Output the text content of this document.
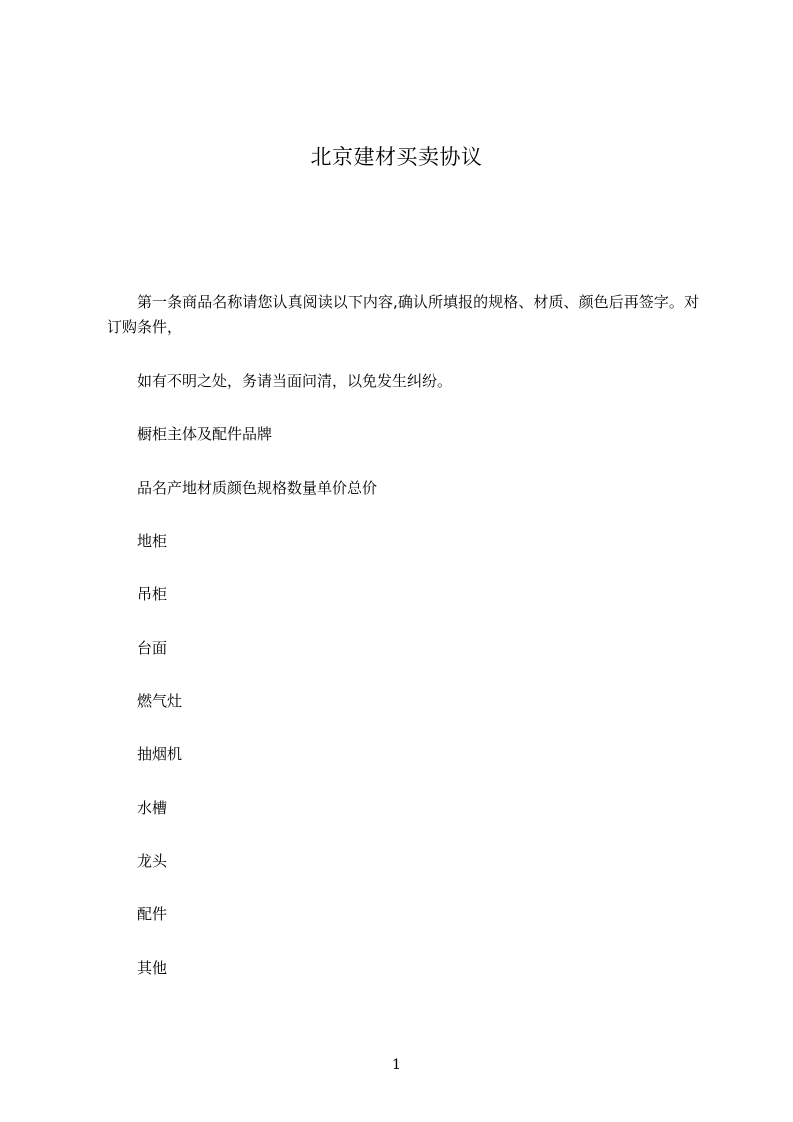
北京建材买卖协议
第一条商品名称请您认真阅读以下内容,确认所填报的规格、材质、颜色后再签字。对订购条件，
如有不明之处，务请当面问清，以免发生纠纷。
橱柜主体及配件品牌
品名产地材质颜色规格数量单价总价
地柜
吊柜
台面
燃气灶
抽烟机
水槽
龙头
配件
其他
1
